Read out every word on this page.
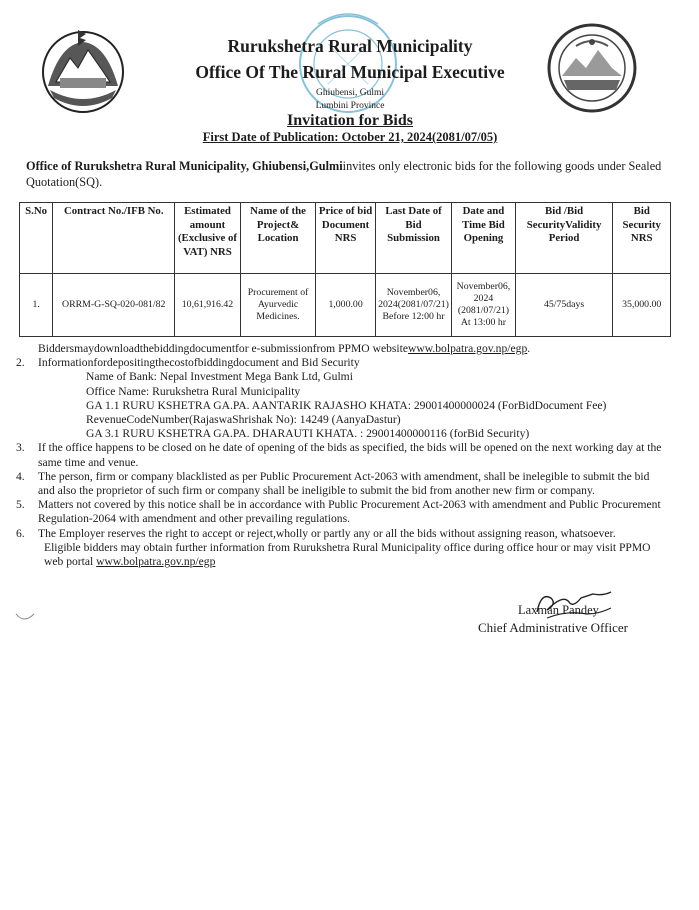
Rurukshetra Rural Municipality
Office Of The Rural Municipal Executive
Ghiubensi, Gulmi
Lumbini Province
Invitation for Bids
First Date of Publication: October 21, 2024(2081/07/05)
Office of Rurukshetra Rural Municipality, Ghiubensi,Gulmiinvites only electronic bids for the following goods under Sealed Quotation(SQ).
S.No	Contract No./IFB No.	Estimated amount (Exclusive of VAT) NRS	Name of the Project& Location	Price of bid Document NRS	Last Date of Bid Submission	Date and Time Bid Opening	Bid /Bid SecurityValidity Period	Bid Security NRS
1.	ORRM-G-SQ-020-081/82	10,61,916.42	Procurement of Ayurvedic Medicines.	1,000.00	November06, 2024(2081/07/21) Before 12:00 hr	November06, 2024 (2081/07/21) At 13:00 hr	45/75days	35,000.00

Biddersmaydownloadthebiddingdocumentfor e-submissionfrom PPMO websitewww.bolpatra.gov.np/egp.

2. Informationfordepositingthecostofbiddingdocument and Bid Security

Name of Bank: Nepal Investment Mega Bank Ltd, Gulmi

Office Name: Rurukshetra Rural Municipality

GA 1.1 RURU KSHETRA GA.PA. AANTARIK RAJASHO KHATA: 29001400000024 (ForBidDocument Fee)

RevenueCodeNumber(RajaswaShrishak No): 14249 (AanyaDastur)

GA 3.1 RURU KSHETRA GA.PA. DHARAUTI KHATA. : 29001400000116 (forBid Security)

3. If the office happens to be closed on he date of opening of the bids as specified, the bids will be opened on the next working day at the same time and venue.

4. The person, firm or company blacklisted as per Public Procurement Act-2063 with amendment, shall be inelegible to submit the bid and also the proprietor of such firm or company shall be ineligible to submit the bid from another new firm or company.

5. Matters not covered by this notice shall be in accordance with Public Procurement Act-2063 with amendment and Public Procurement Regulation-2064 with amendment and other prevailing regulations.

6. The Employer reserves the right to accept or reject,wholly or partly any or all the bids without assigning reason, whatsoever.

Eligible bidders may obtain further information from Rurukshetra Rural Municipality office during office hour or may visit PPMO web portal www.bolpatra.gov.np/egp

Laxman Pandey
Chief Administrative Officer
